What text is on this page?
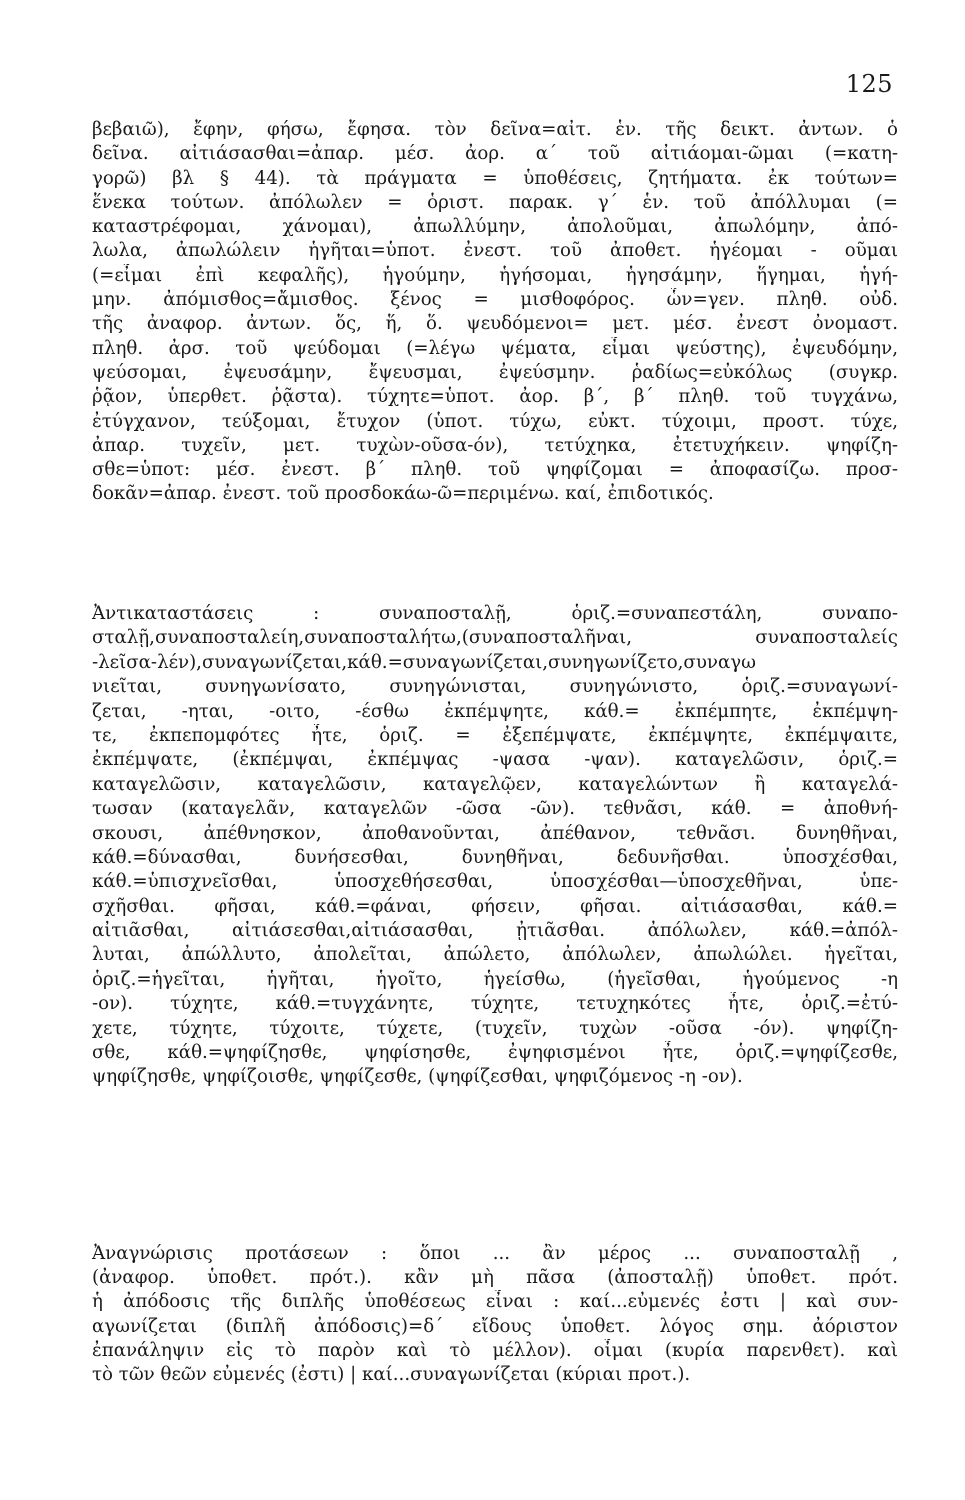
125
βεβαιῶ), ἔφην, φήσω, ἔφησα. τὸν δεῖνα=αἰτ. ἑν. τῆς δεικτ. ἀντων. ὁ
δεῖνα. αἰτιάσασθαι=ἀπαρ. μέσ. ἀορ. α΄ τοῦ αἰτιάομαι-ῶμαι (=κατη-
γορῶ) βλ § 44). τὰ πράγματα = ὑποθέσεις, ζητήματα. ἐκ τούτων=
ἕνεκα τούτων. ἀπόλωλεν = ὁριστ. παρακ. γ΄ ἑν. τοῦ ἀπόλλυμαι (=
καταστρέφομαι, χάνομαι), ἀπωλλύμην, ἀπολοῦμαι, ἀπωλόμην, ἀπό-
λωλα, ἀπωλώλειν ἡγῆται=ὑποτ. ἐνεστ. τοῦ ἀποθετ. ἡγέομαι - οῦμαι
(=εἶμαι ἐπὶ κεφαλῆς), ἡγούμην, ἡγήσομαι, ἡγησάμην, ἥγημαι, ἡγή-
μην. ἀπόμισθος=ἄμισθος. ξένος = μισθοφόρος. ὧν=γεν. πληθ. οὐδ.
τῆς ἀναφορ. ἀντων. ὅς, ἥ, ὅ. ψευδόμενοι= μετ. μέσ. ἐνεστ ὀνομαστ.
πληθ. ἀρσ. τοῦ ψεύδομαι (=λέγω ψέματα, εἶμαι ψεύστης), ἐψευδόμην,
ψεύσομαι, ἐψευσάμην, ἔψευσμαι, ἐψεύσμην. ῥαδίως=εὐκόλως (συγκρ.
ῥᾷον, ὑπερθετ. ῥᾷστα). τύχητε=ὑποτ. ἀορ. β΄, β΄ πληθ. τοῦ τυγχάνω,
ἐτύγχανον, τεύξομαι, ἔτυχον (ὑποτ. τύχω, εὐκτ. τύχοιμι, προστ. τύχε,
ἀπαρ. τυχεῖν, μετ. τυχὼν-οῦσα-όν), τετύχηκα, ἐτετυχήκειν. ψηφίζη-
σθε=ὑποτ: μέσ. ἐνεστ. β΄ πληθ. τοῦ ψηφίζομαι = ἀποφασίζω. προσ-
δοκᾶν=ἀπαρ. ἐνεστ. τοῦ προσδοκάω-ῶ=περιμένω. καί, ἐπιδοτικός.
Ἀντικαταστάσεις : συναποσταλῇ, ὁριζ.=συναπεστάλη, συναπο-
σταλῇ,συναποσταλείη,συναποσταλήτω,(συναποσταλῆναι, συναποσταλείς
-λεῖσα-λέν),συναγωνίζεται,κάθ.=συναγωνίζεται,συνηγωνίζετο,συναγω
νιεῖται, συνηγωνίσατο, συνηγώνισται, συνηγώνιστο, ὁριζ.=συναγωνί-
ζεται, -ηται, -οιτο, -έσθω ἐκπέμψητε, κάθ.= ἐκπέμπητε, ἐκπέμψη-
τε, ἐκπεπομφότες ἦτε, ὁριζ. = ἐξεπέμψατε, ἐκπέμψητε, ἐκπέμψαιτε,
ἐκπέμψατε, (ἐκπέμψαι, ἐκπέμψας -ψασα -ψαν). καταγελῶσιν, ὁριζ.=
καταγελῶσιν, καταγελῶσιν, καταγελῷεν, καταγελώντων ἢ καταγελά-
τωσαν (καταγελᾶν, καταγελῶν -ῶσα -ῶν). τεθνᾶσι, κάθ. = ἀποθνή-
σκουσι, ἀπέθνησκον, ἀποθανοῦνται, ἀπέθανον, τεθνᾶσι. δυνηθῆναι,
κάθ.=δύνασθαι, δυνήσεσθαι, δυνηθῆναι, δεδυνῆσθαι. ὑποσχέσθαι,
κάθ.=ὑπισχνεῖσθαι, ὑποσχεθήσεσθαι, ὑποσχέσθαι—ὑποσχεθῆναι, ὑπε-
σχῆσθαι. φῆσαι, κάθ.=φάναι, φήσειν, φῆσαι. αἰτιάσασθαι, κάθ.=
αἰτιᾶσθαι, αἰτιάσεσθαι,αἰτιάσασθαι, ᾐτιᾶσθαι. ἀπόλωλεν, κάθ.=ἀπόλ-
λυται, ἀπώλλυτο, ἀπολεῖται, ἀπώλετο, ἀπόλωλεν, ἀπωλώλει. ἡγεῖται,
ὁριζ.=ἡγεῖται, ἡγῆται, ἡγοῖτο, ἡγείσθω, (ἡγεῖσθαι, ἡγούμενος -η
-ον). τύχητε, κάθ.=τυγχάνητε, τύχητε, τετυχηκότες ἦτε, ὁριζ.=ἐτύ-
χετε, τύχητε, τύχοιτε, τύχετε, (τυχεῖν, τυχὼν -οῦσα -όν). ψηφίζη-
σθε, κάθ.=ψηφίζησθε, ψηφίσησθε, ἐψηφισμένοι ἦτε, ὁριζ.=ψηφίζεσθε,
ψηφίζησθε, ψηφίζοισθε, ψηφίζεσθε, (ψηφίζεσθαι, ψηφιζόμενος -η -ον).
Ἀναγνώρισις προτάσεων : ὅποι ... ἂν μέρος ... συναποσταλῇ ,
(ἀναφορ. ὑποθετ. πρότ.). κἂν μὴ πᾶσα (ἀποσταλῇ) ὑποθετ. πρότ.
ἡ ἀπόδοσις τῆς διπλῆς ὑποθέσεως εἶναι : καί...εὐμενές ἐστι | καὶ συν-
αγωνίζεται (διπλῆ ἀπόδοσις)=δ΄ εἴδους ὑποθετ. λόγος σημ. ἀόριστον
ἐπανάληψιν εἰς τὸ παρὸν καὶ τὸ μέλλον). οἶμαι (κυρία παρενθετ). καὶ
τὸ τῶν θεῶν εὐμενές (ἐστι) | καί...συναγωνίζεται (κύριαι προτ.).
